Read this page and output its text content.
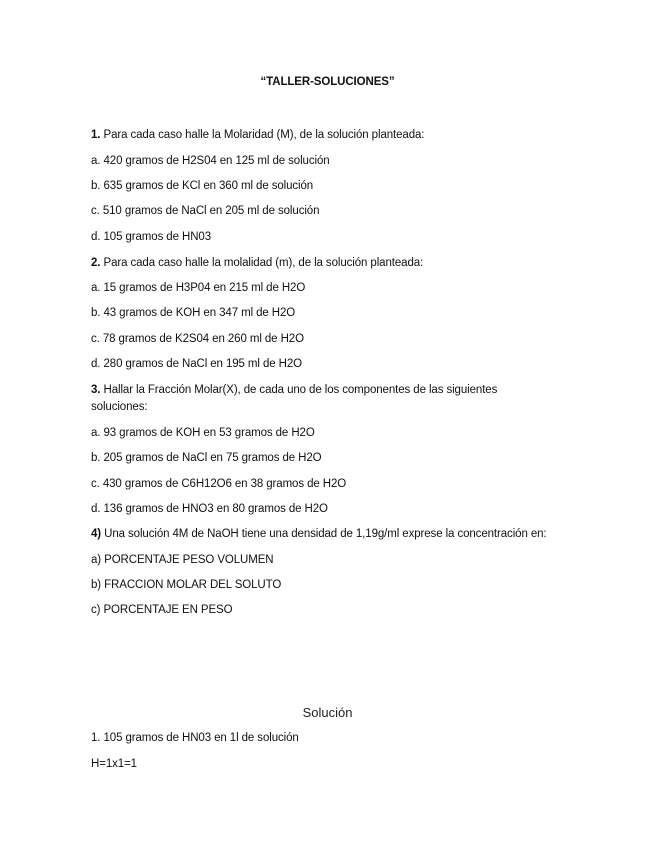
“TALLER-SOLUCIONES”
1. Para cada caso halle la Molaridad (M), de la solución planteada:
a. 420 gramos de H2S04 en 125 ml de solución
b. 635 gramos de KCl en 360 ml de solución
c. 510 gramos de NaCl en 205 ml de solución
d. 105 gramos de HN03
2. Para cada caso halle la molalidad (m), de la solución planteada:
a. 15 gramos de H3P04 en 215 ml de H2O
b. 43 gramos de KOH en 347 ml de H2O
c. 78 gramos de K2S04 en 260 ml de H2O
d. 280 gramos de NaCl en 195 ml de H2O
3. Hallar la Fracción Molar(X), de cada uno de los componentes de las siguientes soluciones:
a. 93 gramos de KOH en 53 gramos de H2O
b. 205 gramos de NaCl en 75 gramos de H2O
c. 430 gramos de C6H12O6 en 38 gramos de H2O
d. 136 gramos de HNO3 en 80 gramos de H2O
4) Una solución 4M de NaOH tiene una densidad de 1,19g/ml exprese la concentración en:
a) PORCENTAJE PESO VOLUMEN
b) FRACCION MOLAR DEL SOLUTO
c) PORCENTAJE EN PESO
Solución
1. 105 gramos de HN03 en 1l de solución
H=1x1=1
